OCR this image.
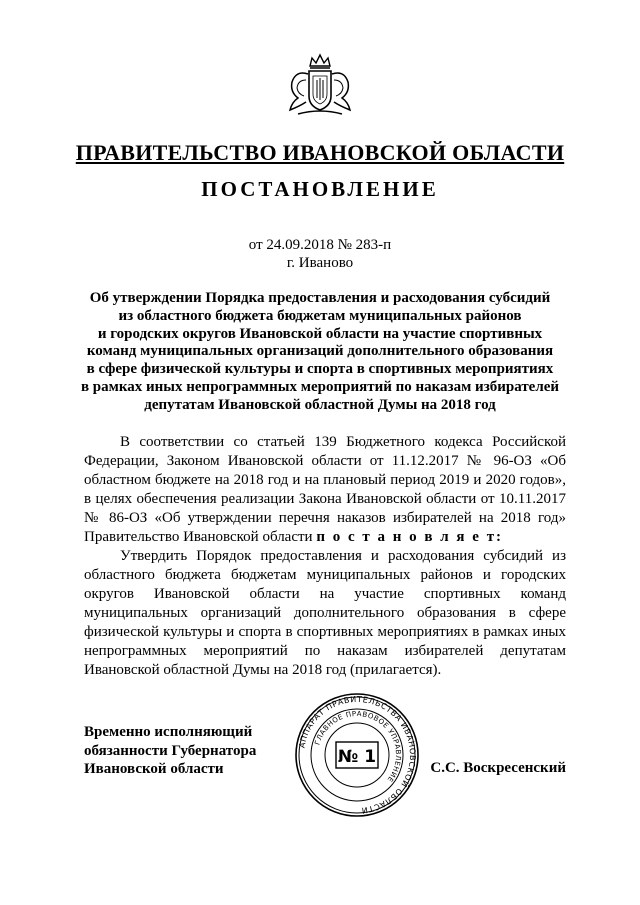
ПРАВИТЕЛЬСТВО ИВАНОВСКОЙ ОБЛАСТИ
ПОСТАНОВЛЕНИЕ
от 24.09.2018 № 283-п
г. Иваново
Об утверждении Порядка предоставления и расходования субсидий
из областного бюджета бюджетам муниципальных районов
и городских округов Ивановской области на участие спортивных
команд муниципальных организаций дополнительного образования
в сфере физической культуры и спорта в спортивных мероприятиях
в рамках иных непрограммных мероприятий по наказам избирателей
депутатам Ивановской областной Думы на 2018 год

В соответствии со статьей 139 Бюджетного кодекса Российской Федерации, Законом Ивановской области от 11.12.2017 № 96-ОЗ «Об областном бюджете на 2018 год и на плановый период 2019 и 2020 годов», в целях обеспечения реализации Закона Ивановской области от 10.11.2017 № 86-ОЗ «Об утверждении перечня наказов избирателей на 2018 год» Правительство Ивановской области п о с т а н о в л я е т:

Утвердить Порядок предоставления и расходования субсидий из областного бюджета бюджетам муниципальных районов и городских округов Ивановской области на участие спортивных команд муниципальных организаций дополнительного образования в сфере физической культуры и спорта в спортивных мероприятиях в рамках иных непрограммных мероприятий по наказам избирателей депутатам Ивановской областной Думы на 2018 год (прилагается).

Временно исполняющий
обязанности Губернатора
Ивановской области
АППАРАТ ПРАВИТЕЛЬСТВА ИВАНОВСКОЙ ОБЛАСТИ
ГЛАВНОЕ ПРАВОВОЕ УПРАВЛЕНИЕ
№ 1
С.С. Воскресенский
